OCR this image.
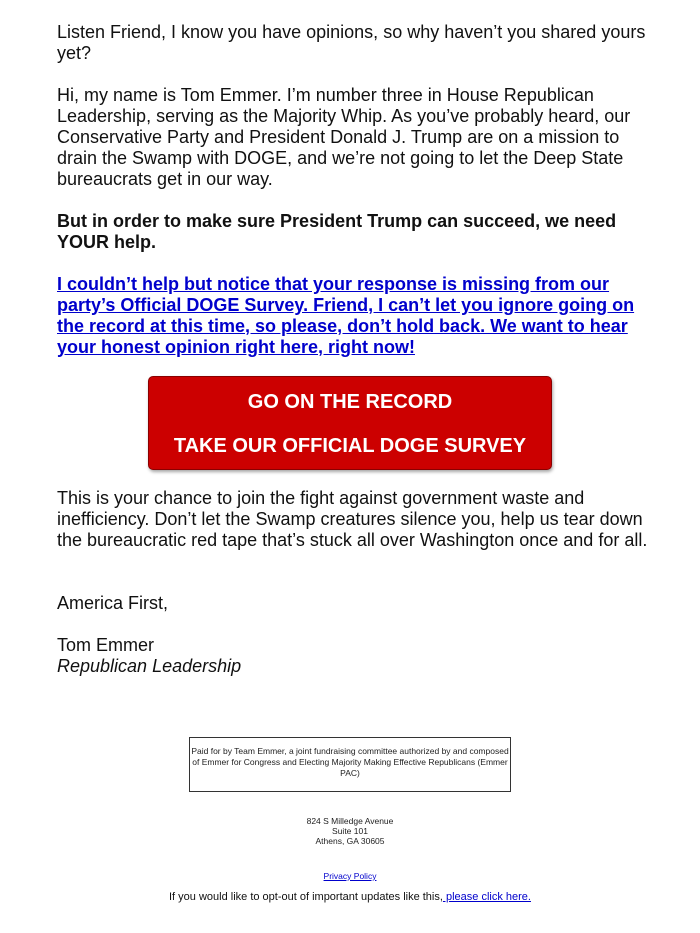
Listen Friend, I know you have opinions, so why haven’t you shared yours yet?

Hi, my name is Tom Emmer. I’m number three in House Republican Leadership, serving as the Majority Whip. As you’ve probably heard, our Conservative Party and President Donald J. Trump are on a mission to drain the Swamp with DOGE, and we’re not going to let the Deep State bureaucrats get in our way.

But in order to make sure President Trump can succeed, we need YOUR help.

I couldn’t help but notice that your response is missing from our party’s Official DOGE Survey. Friend, I can’t let you ignore going on the record at this time, so please, don’t hold back. We want to hear your honest opinion right here, right now!

GO ON THE RECORD
TAKE OUR OFFICIAL DOGE SURVEY

This is your chance to join the fight against government waste and inefficiency. Don’t let the Swamp creatures silence you, help us tear down the bureaucratic red tape that’s stuck all over Washington once and for all.

America First,

Tom Emmer

Republican Leadership

Paid for by Team Emmer, a joint fundraising committee authorized by and composed of Emmer for Congress and Electing Majority Making Effective Republicans (Emmer PAC)
824 S Milledge Avenue
Suite 101
Athens, GA 30605
Privacy Policy
If you would like to opt-out of important updates like this, please click here.
